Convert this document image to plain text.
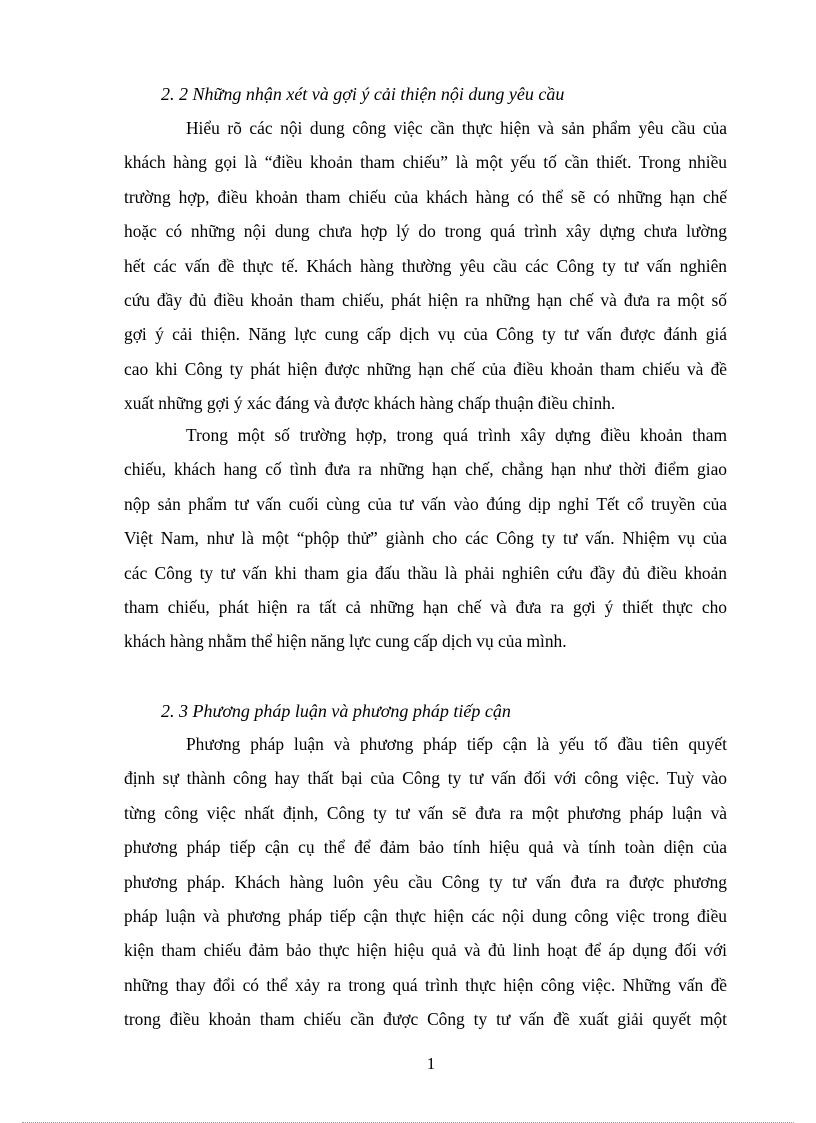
2. 2 Những nhận xét và gợi ý cải thiện nội dung yêu cầu
Hiểu rõ các nội dung công việc cần thực hiện và sản phẩm yêu cầu của
khách hàng gọi là “điều khoản tham chiếu” là một yếu tố cần thiết. Trong nhiều
trường hợp, điều khoản tham chiếu của khách hàng có thể sẽ có những hạn chế
hoặc có những nội dung chưa hợp lý do trong quá trình xây dựng chưa lường
hết các vấn đề thực tế. Khách hàng thường yêu cầu các Công ty tư vấn nghiên
cứu đầy đủ điều khoản tham chiếu, phát hiện ra những hạn chế và đưa ra một số
gợi ý cải thiện. Năng lực cung cấp dịch vụ của Công ty tư vấn được đánh giá
cao khi Công ty phát hiện được những hạn chế của điều khoản tham chiếu và đề
xuất những gợi ý xác đáng và được khách hàng chấp thuận điều chỉnh.
Trong một số trường hợp, trong quá trình xây dựng điều khoản tham
chiếu, khách hang cố tình đưa ra những hạn chế, chẳng hạn như thời điểm giao
nộp sản phẩm tư vấn cuối cùng của tư vấn vào đúng dịp nghỉ Tết cổ truyền của
Việt Nam, như là một “phộp thử” giành cho các Công ty tư vấn. Nhiệm vụ của
các Công ty tư vấn khi tham gia đấu thầu là phải nghiên cứu đầy đủ điều khoản
tham chiếu, phát hiện ra tất cả những hạn chế và đưa ra gợi ý thiết thực cho
khách hàng nhằm thể hiện năng lực cung cấp dịch vụ của mình.
2. 3 Phương pháp luận và phương pháp tiếp cận
Phương pháp luận và phương pháp tiếp cận là yếu tố đầu tiên quyết
định sự thành công hay thất bại của Công ty tư vấn đối với công việc. Tuỳ vào
từng công việc nhất định, Công ty tư vấn sẽ đưa ra một phương pháp luận và
phương pháp tiếp cận cụ thể để đảm bảo tính hiệu quả và tính toàn diện của
phương pháp. Khách hàng luôn yêu cầu Công ty tư vấn đưa ra được phương
pháp luận và phương pháp tiếp cận thực hiện các nội dung công việc trong điều
kiện tham chiếu đảm bảo thực hiện hiệu quả và đủ linh hoạt để áp dụng đối với
những thay đổi có thể xảy ra trong quá trình thực hiện công việc. Những vấn đề
trong điều khoản tham chiếu cần được Công ty tư vấn đề xuất giải quyết một
1
